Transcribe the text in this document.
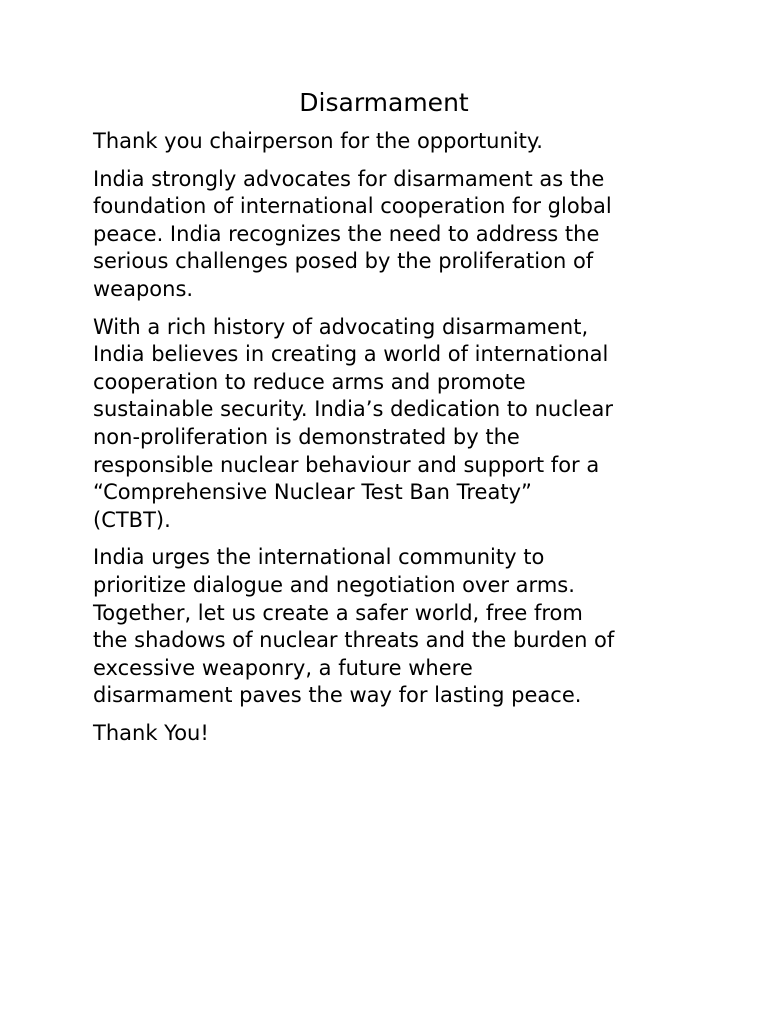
Disarmament

Thank you chairperson for the opportunity.

India strongly advocates for disarmament as the
foundation of international cooperation for global
peace. India recognizes the need to address the
serious challenges posed by the proliferation of
weapons.

With a rich history of advocating disarmament,
India believes in creating a world of international
cooperation to reduce arms and promote
sustainable security. India’s dedication to nuclear
non-proliferation is demonstrated by the
responsible nuclear behaviour and support for a
“Comprehensive Nuclear Test Ban Treaty”
(CTBT).

India urges the international community to
prioritize dialogue and negotiation over arms.
Together, let us create a safer world, free from
the shadows of nuclear threats and the burden of
excessive weaponry, a future where
disarmament paves the way for lasting peace.

Thank You!
